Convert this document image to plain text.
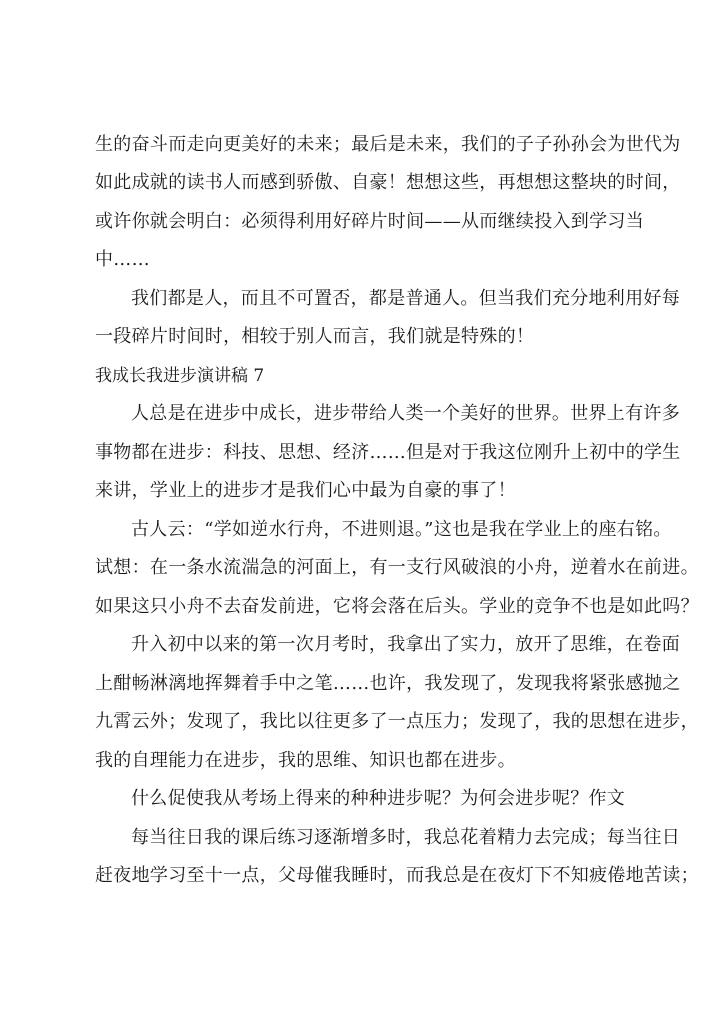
生的奋斗而走向更美好的未来；最后是未来，我们的子子孙孙会为世代为

如此成就的读书人而感到骄傲、自豪！想想这些，再想想这整块的时间，

或许你就会明白：必须得利用好碎片时间——从而继续投入到学习当

中……

我们都是人，而且不可置否，都是普通人。但当我们充分地利用好每

一段碎片时间时，相较于别人而言，我们就是特殊的！

我成长我进步演讲稿 7

人总是在进步中成长，进步带给人类一个美好的世界。世界上有许多

事物都在进步：科技、思想、经济……但是对于我这位刚升上初中的学生

来讲，学业上的进步才是我们心中最为自豪的事了！

古人云：“学如逆水行舟，不进则退。”这也是我在学业上的座右铭。

试想：在一条水流湍急的河面上，有一支行风破浪的小舟，逆着水在前进。

如果这只小舟不去奋发前进，它将会落在后头。学业的竞争不也是如此吗？

升入初中以来的第一次月考时，我拿出了实力，放开了思维，在卷面

上酣畅淋漓地挥舞着手中之笔……也许，我发现了，发现我将紧张感抛之

九霄云外；发现了，我比以往更多了一点压力；发现了，我的思想在进步，

我的自理能力在进步，我的思维、知识也都在进步。

什么促使我从考场上得来的种种进步呢？为何会进步呢？作文

每当往日我的课后练习逐渐增多时，我总花着精力去完成；每当往日

赶夜地学习至十一点，父母催我睡时，而我总是在夜灯下不知疲倦地苦读；
